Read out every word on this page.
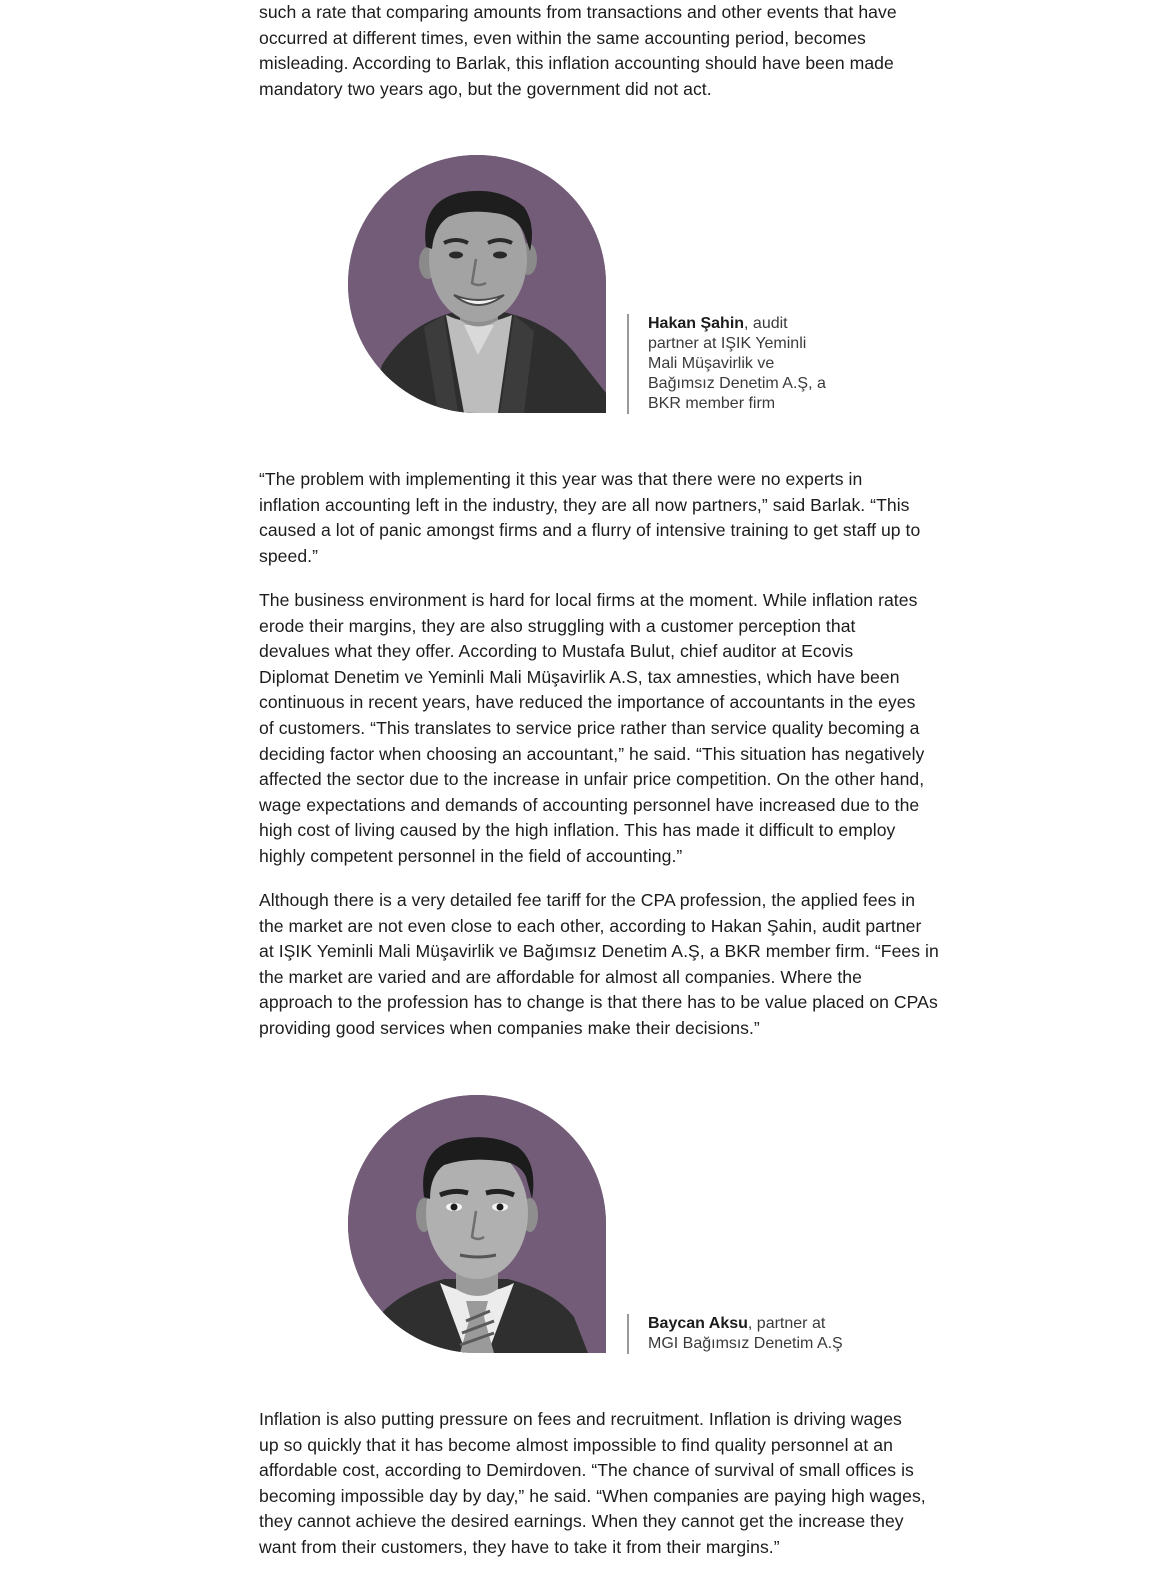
such a rate that comparing amounts from transactions and other events that have
occurred at different times, even within the same accounting period, becomes
misleading. According to Barlak, this inflation accounting should have been made
mandatory two years ago, but the government did not act.

Hakan Şahin, audit
partner at IŞIK Yeminli
Mali Müşavirlik ve
Bağımsız Denetim A.Ş, a
BKR member firm

“The problem with implementing it this year was that there were no experts in
inflation accounting left in the industry, they are all now partners,” said Barlak. “This
caused a lot of panic amongst firms and a flurry of intensive training to get staff up to
speed.”

The business environment is hard for local firms at the moment. While inflation rates
erode their margins, they are also struggling with a customer perception that
devalues what they offer. According to Mustafa Bulut, chief auditor at Ecovis
Diplomat Denetim ve Yeminli Mali Müşavirlik A.S, tax amnesties, which have been
continuous in recent years, have reduced the importance of accountants in the eyes
of customers. “This translates to service price rather than service quality becoming a
deciding factor when choosing an accountant,” he said. “This situation has negatively
affected the sector due to the increase in unfair price competition. On the other hand,
wage expectations and demands of accounting personnel have increased due to the
high cost of living caused by the high inflation. This has made it difficult to employ
highly competent personnel in the field of accounting.”

Although there is a very detailed fee tariff for the CPA profession, the applied fees in
the market are not even close to each other, according to Hakan Şahin, audit partner
at IŞIK Yeminli Mali Müşavirlik ve Bağımsız Denetim A.Ş, a BKR member firm. “Fees in
the market are varied and are affordable for almost all companies. Where the
approach to the profession has to change is that there has to be value placed on CPAs
providing good services when companies make their decisions.”

Baycan Aksu, partner at
MGI Bağımsız Denetim A.Ş

Inflation is also putting pressure on fees and recruitment. Inflation is driving wages
up so quickly that it has become almost impossible to find quality personnel at an
affordable cost, according to Demirdoven. “The chance of survival of small offices is
becoming impossible day by day,” he said. “When companies are paying high wages,
they cannot achieve the desired earnings. When they cannot get the increase they
want from their customers, they have to take it from their margins.”
